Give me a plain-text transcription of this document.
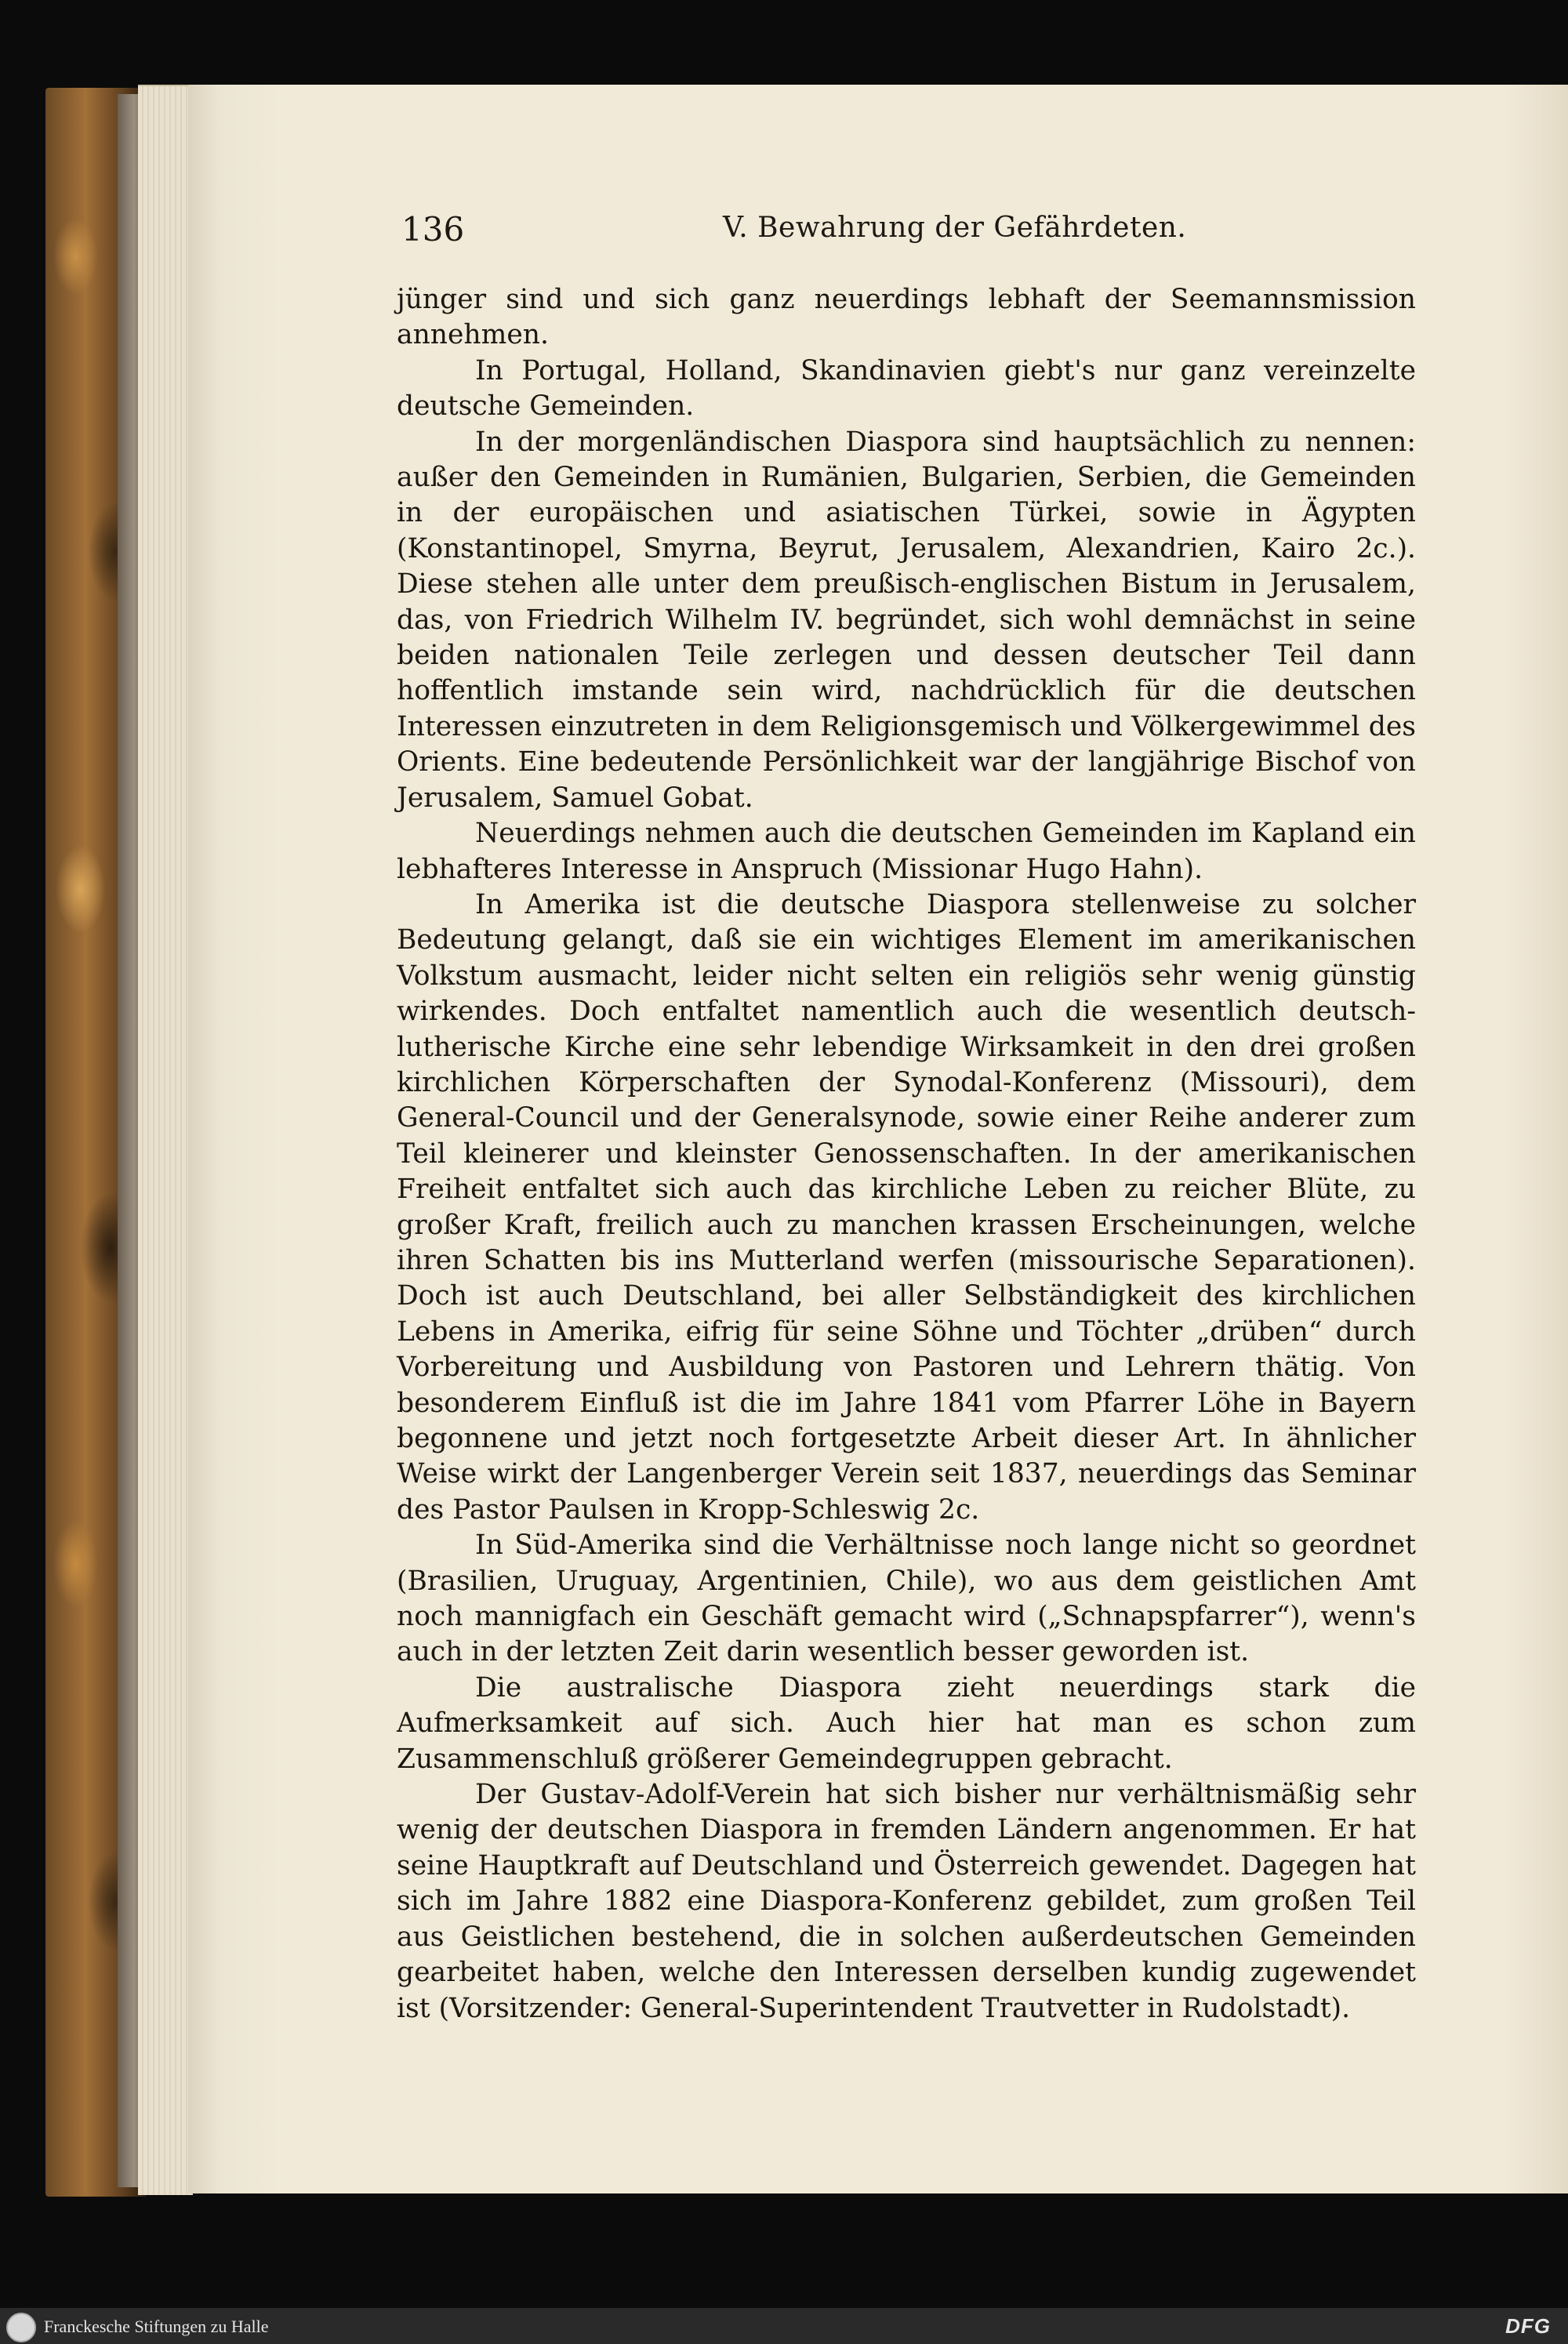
136	V. Bewahrung der Gefährdeten.

jünger sind und sich ganz neuerdings lebhaft der Seemannsmission annehmen.

In Portugal, Holland, Skandinavien giebt's nur ganz vereinzelte deutsche Gemeinden.

In der morgenländischen Diaspora sind hauptsächlich zu nennen: außer den Gemeinden in Rumänien, Bulgarien, Serbien, die Gemeinden in der europäischen und asiatischen Türkei, sowie in Ägypten (Konstantinopel, Smyrna, Beyrut, Jerusalem, Alexandrien, Kairo 2c.). Diese stehen alle unter dem preußisch-englischen Bistum in Jerusalem, das, von Friedrich Wilhelm IV. begründet, sich wohl demnächst in seine beiden nationalen Teile zerlegen und dessen deutscher Teil dann hoffentlich imstande sein wird, nachdrücklich für die deutschen Interessen einzutreten in dem Religionsgemisch und Völkergewimmel des Orients. Eine bedeutende Persönlichkeit war der langjährige Bischof von Jerusalem, Samuel Gobat.

Neuerdings nehmen auch die deutschen Gemeinden im Kapland ein lebhafteres Interesse in Anspruch (Missionar Hugo Hahn).

In Amerika ist die deutsche Diaspora stellenweise zu solcher Bedeutung gelangt, daß sie ein wichtiges Element im amerikanischen Volkstum ausmacht, leider nicht selten ein religiös sehr wenig günstig wirkendes. Doch entfaltet namentlich auch die wesentlich deutsch-lutherische Kirche eine sehr lebendige Wirksamkeit in den drei großen kirchlichen Körperschaften der Synodal-Konferenz (Missouri), dem General-Council und der Generalsynode, sowie einer Reihe anderer zum Teil kleinerer und kleinster Genossenschaften. In der amerikanischen Freiheit entfaltet sich auch das kirchliche Leben zu reicher Blüte, zu großer Kraft, freilich auch zu manchen krassen Erscheinungen, welche ihren Schatten bis ins Mutterland werfen (missourische Separationen). Doch ist auch Deutschland, bei aller Selbständigkeit des kirchlichen Lebens in Amerika, eifrig für seine Söhne und Töchter „drüben“ durch Vorbereitung und Ausbildung von Pastoren und Lehrern thätig. Von besonderem Einfluß ist die im Jahre 1841 vom Pfarrer Löhe in Bayern begonnene und jetzt noch fortgesetzte Arbeit dieser Art. In ähnlicher Weise wirkt der Langenberger Verein seit 1837, neuerdings das Seminar des Pastor Paulsen in Kropp-Schleswig 2c.

In Süd-Amerika sind die Verhältnisse noch lange nicht so geordnet (Brasilien, Uruguay, Argentinien, Chile), wo aus dem geistlichen Amt noch mannigfach ein Geschäft gemacht wird („Schnapspfarrer“), wenn's auch in der letzten Zeit darin wesentlich besser geworden ist.

Die australische Diaspora zieht neuerdings stark die Aufmerksamkeit auf sich. Auch hier hat man es schon zum Zusammenschluß größerer Gemeindegruppen gebracht.

Der Gustav-Adolf-Verein hat sich bisher nur verhältnismäßig sehr wenig der deutschen Diaspora in fremden Ländern angenommen. Er hat seine Hauptkraft auf Deutschland und Österreich gewendet. Dagegen hat sich im Jahre 1882 eine Diaspora-Konferenz gebildet, zum großen Teil aus Geistlichen bestehend, die in solchen außerdeutschen Gemeinden gearbeitet haben, welche den Interessen derselben kundig zugewendet ist (Vorsitzender: General-Superintendent Trautvetter in Rudolstadt).

Franckesche Stiftungen zu Halle	DFG
